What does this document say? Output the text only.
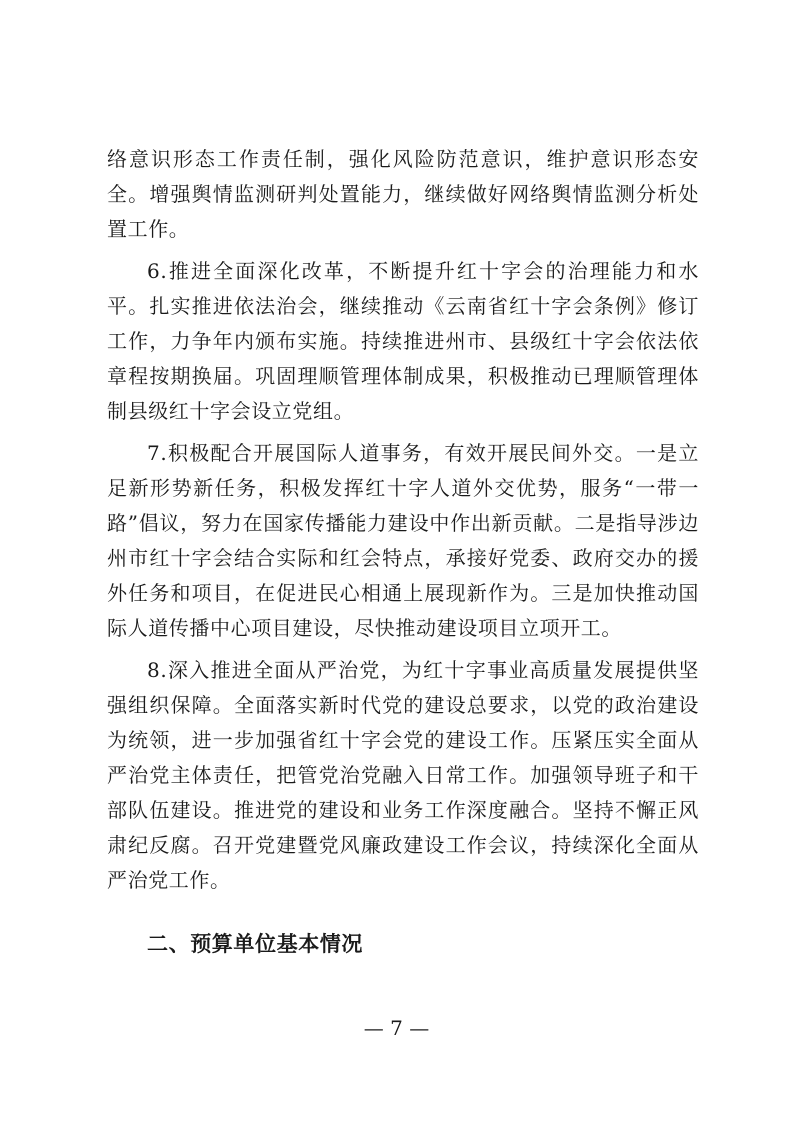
络意识形态工作责任制，强化风险防范意识，维护意识形态安全。增强舆情监测研判处置能力，继续做好网络舆情监测分析处置工作。

6.推进全面深化改革，不断提升红十字会的治理能力和水平。扎实推进依法治会，继续推动《云南省红十字会条例》修订工作，力争年内颁布实施。持续推进州市、县级红十字会依法依章程按期换届。巩固理顺管理体制成果，积极推动已理顺管理体制县级红十字会设立党组。

7.积极配合开展国际人道事务，有效开展民间外交。一是立足新形势新任务，积极发挥红十字人道外交优势，服务“一带一路”倡议，努力在国家传播能力建设中作出新贡献。二是指导涉边州市红十字会结合实际和红会特点，承接好党委、政府交办的援外任务和项目，在促进民心相通上展现新作为。三是加快推动国际人道传播中心项目建设，尽快推动建设项目立项开工。

8.深入推进全面从严治党，为红十字事业高质量发展提供坚强组织保障。全面落实新时代党的建设总要求，以党的政治建设为统领，进一步加强省红十字会党的建设工作。压紧压实全面从严治党主体责任，把管党治党融入日常工作。加强领导班子和干部队伍建设。推进党的建设和业务工作深度融合。坚持不懈正风肃纪反腐。召开党建暨党风廉政建设工作会议，持续深化全面从严治党工作。

二、预算单位基本情况
— 7 —
